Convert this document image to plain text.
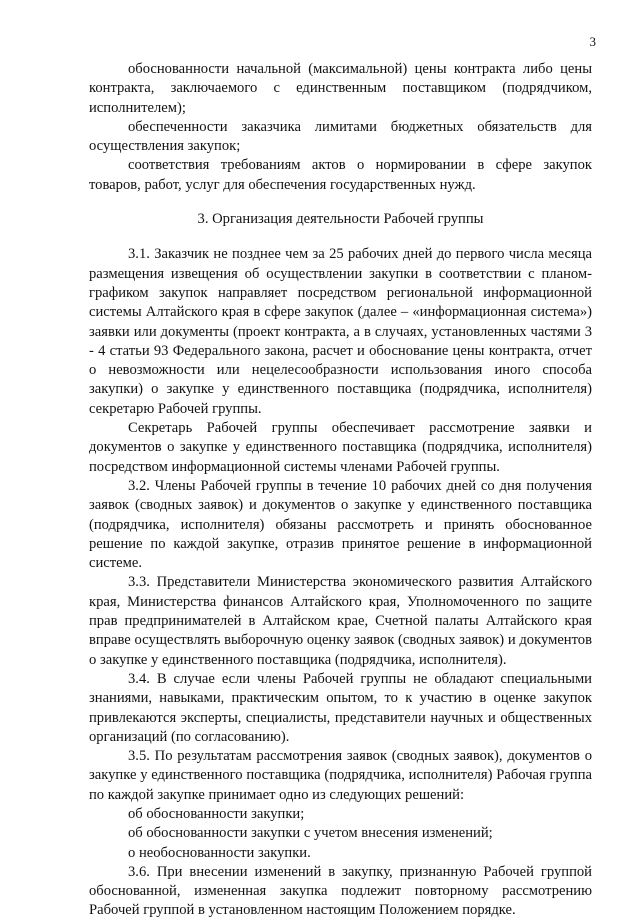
3

обоснованности начальной (максимальной) цены контракта либо цены контракта, заключаемого с единственным поставщиком (подрядчиком, исполнителем);

обеспеченности заказчика лимитами бюджетных обязательств для осуществления закупок;

соответствия требованиям актов о нормировании в сфере закупок товаров, работ, услуг для обеспечения государственных нужд.

3. Организация деятельности Рабочей группы

3.1. Заказчик не позднее чем за 25 рабочих дней до первого числа месяца размещения извещения об осуществлении закупки в соответствии с планом-графиком закупок направляет посредством региональной информационной системы Алтайского края в сфере закупок (далее – «информационная система») заявки или документы (проект контракта, а в случаях, установленных частями 3 - 4 статьи 93 Федерального закона, расчет и обоснование цены контракта, отчет о невозможности или нецелесообразности использования иного способа закупки) о закупке у единственного поставщика (подрядчика, исполнителя) секретарю Рабочей группы.

Секретарь Рабочей группы обеспечивает рассмотрение заявки и документов о закупке у единственного поставщика (подрядчика, исполнителя) посредством информационной системы членами Рабочей группы.

3.2. Члены Рабочей группы в течение 10 рабочих дней со дня получения заявок (сводных заявок) и документов о закупке у единственного поставщика (подрядчика, исполнителя) обязаны рассмотреть и принять обоснованное решение по каждой закупке, отразив принятое решение в информационной системе.

3.3. Представители Министерства экономического развития Алтайского края, Министерства финансов Алтайского края, Уполномоченного по защите прав предпринимателей в Алтайском крае, Счетной палаты Алтайского края вправе осуществлять выборочную оценку заявок (сводных заявок) и документов о закупке у единственного поставщика (подрядчика, исполнителя).

3.4. В случае если члены Рабочей группы не обладают специальными знаниями, навыками, практическим опытом, то к участию в оценке закупок привлекаются эксперты, специалисты, представители научных и общественных организаций (по согласованию).

3.5. По результатам рассмотрения заявок (сводных заявок), документов о закупке у единственного поставщика (подрядчика, исполнителя) Рабочая группа по каждой закупке принимает одно из следующих решений:

об обоснованности закупки;

об обоснованности закупки с учетом внесения изменений;

о необоснованности закупки.

3.6. При внесении изменений в закупку, признанную Рабочей группой обоснованной, измененная закупка подлежит повторному рассмотрению Рабочей группой в установленном настоящим Положением порядке.
